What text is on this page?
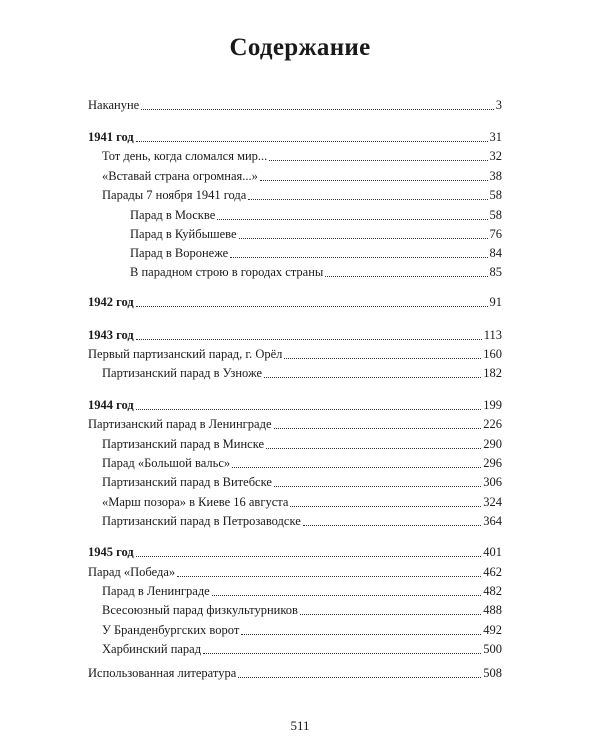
Содержание
Накануне	3
1941 год	31
Тот день, когда сломался мир...	32
«Вставай страна огромная...»	38
Парады 7 ноября 1941 года	58
Парад в Москве	58
Парад в Куйбышеве	76
Парад в Воронеже	84
В парадном строю в городах страны	85
1942 год	91
1943 год	113
Первый партизанский парад, г. Орёл	160
Партизанский парад в Узноже	182
1944 год	199
Партизанский парад в Ленинграде	226
Партизанский парад в Минске	290
Парад «Большой вальс»	296
Партизанский парад в Витебске	306
«Марш позора» в Киеве 16 августа	324
Партизанский парад в Петрозаводске	364
1945 год	401
Парад «Победа»	462
Парад в Ленинграде	482
Всесоюзный парад физкультурников	488
У Бранденбургских ворот	492
Харбинский парад	500
Использованная литература	508
511
